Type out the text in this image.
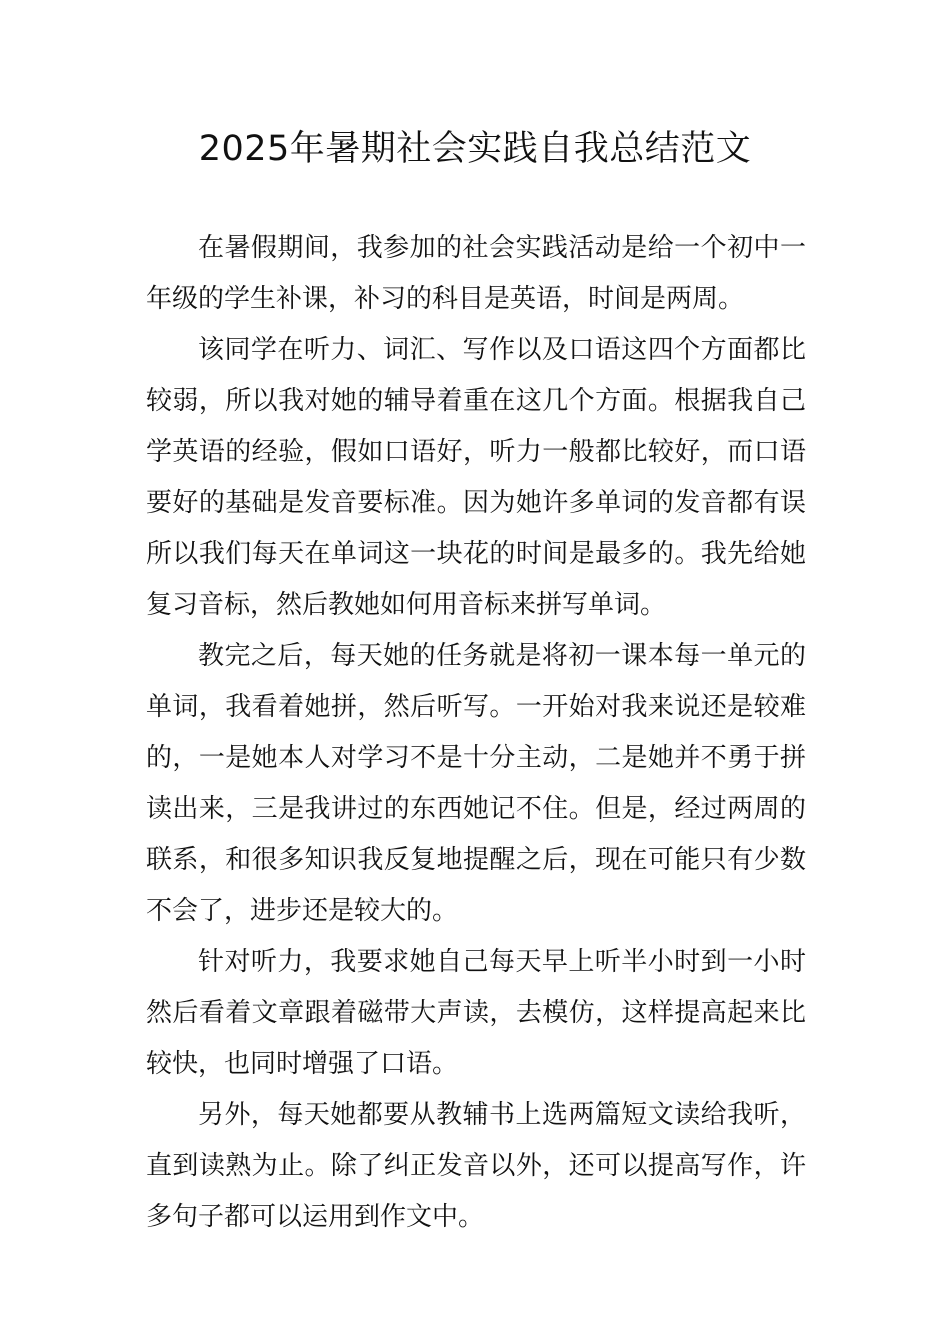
2025年暑期社会实践自我总结范文

在暑假期间，我参加的社会实践活动是给一个初中一年级的学生补课，补习的科目是英语，时间是两周。

该同学在听力、词汇、写作以及口语这四个方面都比较弱，所以我对她的辅导着重在这几个方面。根据我自己学英语的经验，假如口语好，听力一般都比较好，而口语要好的基础是发音要标准。因为她许多单词的发音都有误所以我们每天在单词这一块花的时间是最多的。我先给她复习音标，然后教她如何用音标来拼写单词。

教完之后，每天她的任务就是将初一课本每一单元的单词，我看着她拼，然后听写。一开始对我来说还是较难的，一是她本人对学习不是十分主动，二是她并不勇于拼读出来，三是我讲过的东西她记不住。但是，经过两周的联系，和很多知识我反复地提醒之后，现在可能只有少数不会了，进步还是较大的。

针对听力，我要求她自己每天早上听半小时到一小时然后看着文章跟着磁带大声读，去模仿，这样提高起来比较快，也同时增强了口语。

另外，每天她都要从教辅书上选两篇短文读给我听，直到读熟为止。除了纠正发音以外，还可以提高写作，许多句子都可以运用到作文中。
